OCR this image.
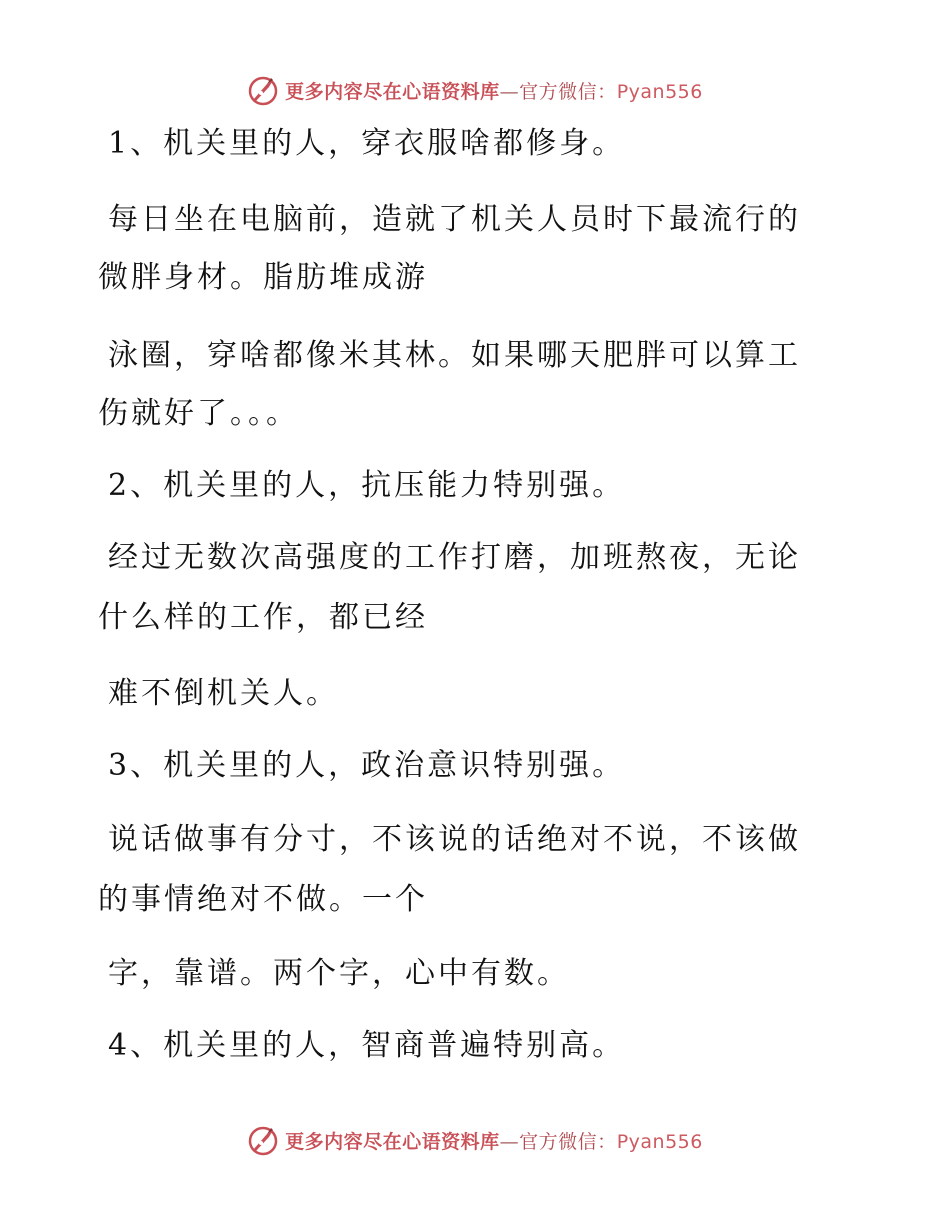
更多内容尽在心语资料库—官方微信：Pyan556
1、机关里的人，穿衣服啥都修身。
每日坐在电脑前，造就了机关人员时下最流行的
微胖身材。脂肪堆成游
泳圈，穿啥都像米其林。如果哪天肥胖可以算工
伤就好了。。。
2、机关里的人，抗压能力特别强。
经过无数次高强度的工作打磨，加班熬夜，无论
什么样的工作，都已经
难不倒机关人。
3、机关里的人，政治意识特别强。
说话做事有分寸，不该说的话绝对不说，不该做
的事情绝对不做。一个
字，靠谱。两个字，心中有数。
4、机关里的人，智商普遍特别高。
更多内容尽在心语资料库—官方微信：Pyan556
